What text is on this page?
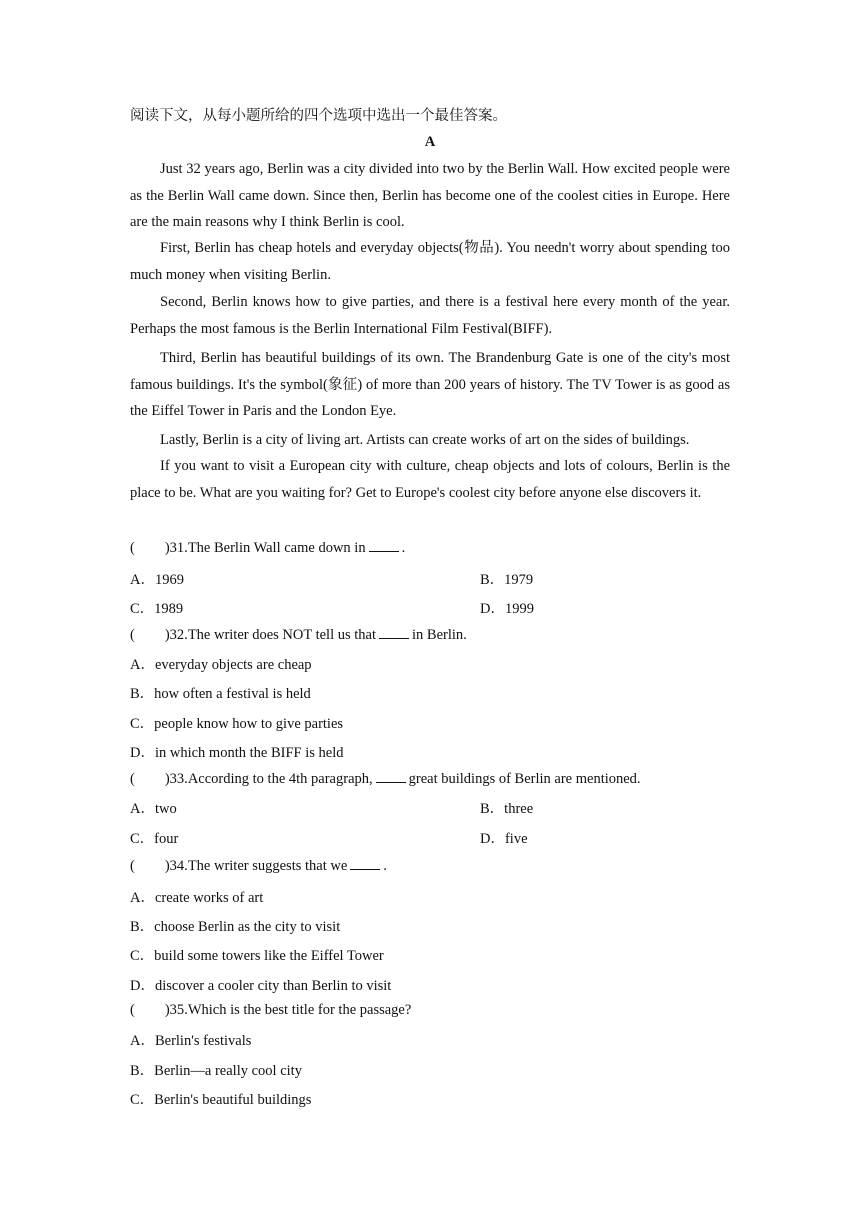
阅读下文，从每小题所给的四个选项中选出一个最佳答案。
A

Just 32 years ago, Berlin was a city divided into two by the Berlin Wall. How excited people were as the Berlin Wall came down. Since then, Berlin has become one of the coolest cities in Europe. Here are the main reasons why I think Berlin is cool.

First, Berlin has cheap hotels and everyday objects(物品). You needn't worry about spending too much money when visiting Berlin.

Second, Berlin knows how to give parties, and there is a festival here every month of the year. Perhaps the most famous is the Berlin International Film Festival(BIFF).

Third, Berlin has beautiful buildings of its own. The Brandenburg Gate is one of the city's most famous buildings. It's the symbol(象征) of more than 200 years of history. The TV Tower is as good as the Eiffel Tower in Paris and the London Eye.

Lastly, Berlin is a city of living art. Artists can create works of art on the sides of buildings.

If you want to visit a European city with culture, cheap objects and lots of colours, Berlin is the place to be. What are you waiting for? Get to Europe's coolest city before anyone else discovers it.

( )31.The Berlin Wall came down in .
A．1969	B．1979
C．1989	D．1999
( )32.The writer does NOT tell us that in Berlin.
A．everyday objects are cheap
B．how often a festival is held
C．people know how to give parties
D．in which month the BIFF is held
( )33.According to the 4th paragraph, great buildings of Berlin are mentioned.
A．two	B．three
C．four	D．five
( )34.The writer suggests that we .
A．create works of art
B．choose Berlin as the city to visit
C．build some towers like the Eiffel Tower
D．discover a cooler city than Berlin to visit
( )35.Which is the best title for the passage?
A．Berlin's festivals
B．Berlin—a really cool city
C．Berlin's beautiful buildings
